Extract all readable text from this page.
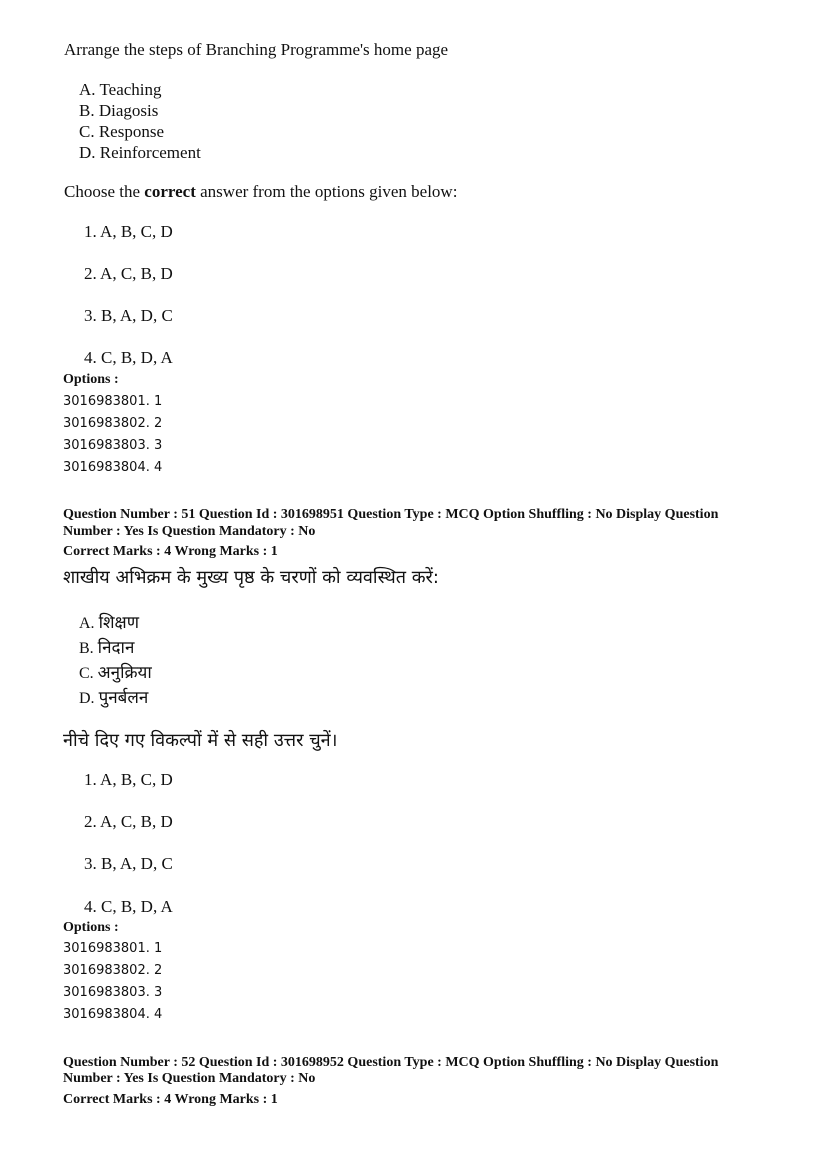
Arrange the steps of Branching Programme's home page
A. Teaching
B. Diagosis
C. Response
D. Reinforcement
Choose the correct answer from the options given below:
1. A, B, C, D
2. A, C, B, D
3. B, A, D, C
4. C, B, D, A
Options :
3016983801. 1
3016983802. 2
3016983803. 3
3016983804. 4
Question Number : 51 Question Id : 301698951 Question Type : MCQ Option Shuffling : No Display Question
Number : Yes Is Question Mandatory : No
Correct Marks : 4 Wrong Marks : 1
शाखीय अभिक्रम के मुख्य पृष्ठ के चरणों को व्यवस्थित करें:
A. शिक्षण
B. निदान
C. अनुक्रिया
D. पुनर्बलन
नीचे दिए गए विकल्पों में से सही उत्तर चुनें।
1. A, B, C, D
2. A, C, B, D
3. B, A, D, C
4. C, B, D, A
Options :
3016983801. 1
3016983802. 2
3016983803. 3
3016983804. 4
Question Number : 52 Question Id : 301698952 Question Type : MCQ Option Shuffling : No Display Question
Number : Yes Is Question Mandatory : No
Correct Marks : 4 Wrong Marks : 1
